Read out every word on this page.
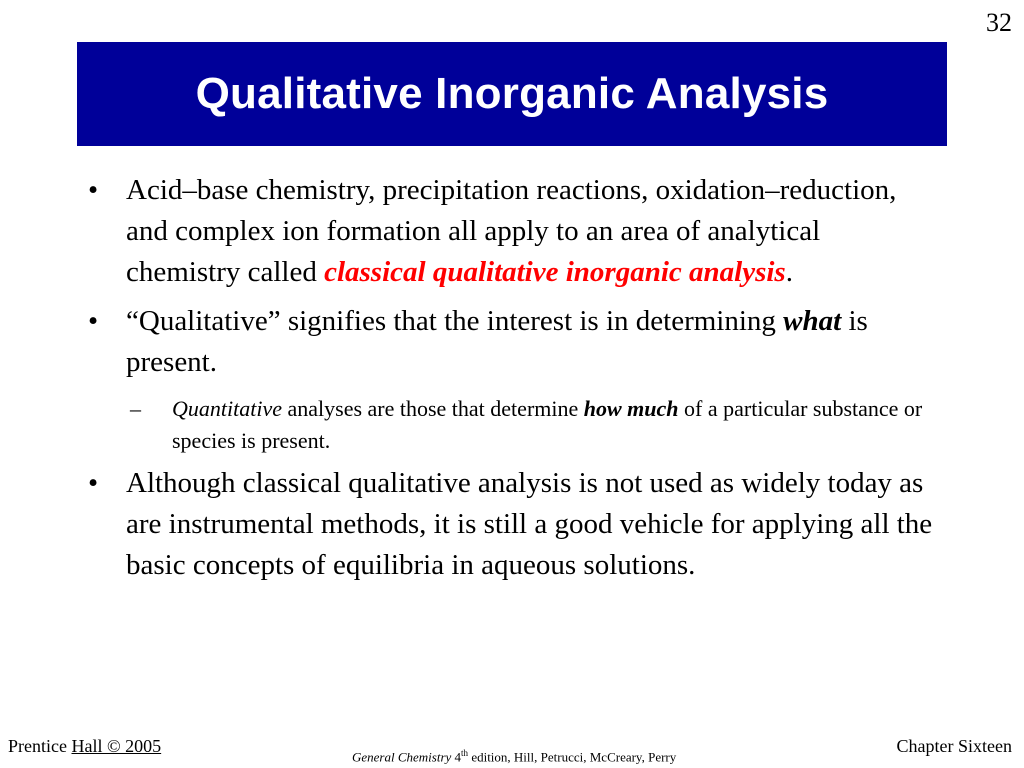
32
Qualitative Inorganic Analysis
• Acid–base chemistry, precipitation reactions, oxidation–reduction, and complex ion formation all apply to an area of analytical chemistry called classical qualitative inorganic analysis.
• “Qualitative” signifies that the interest is in determining what is present.
–	Quantitative analyses are those that determine how much of a particular substance or species is present.
• Although classical qualitative analysis is not used as widely today as are instrumental methods, it is still a good vehicle for applying all the basic concepts of equilibria in aqueous solutions.
Prentice Hall © 2005
General Chemistry 4th edition, Hill, Petrucci, McCreary, Perry
Chapter Sixteen
